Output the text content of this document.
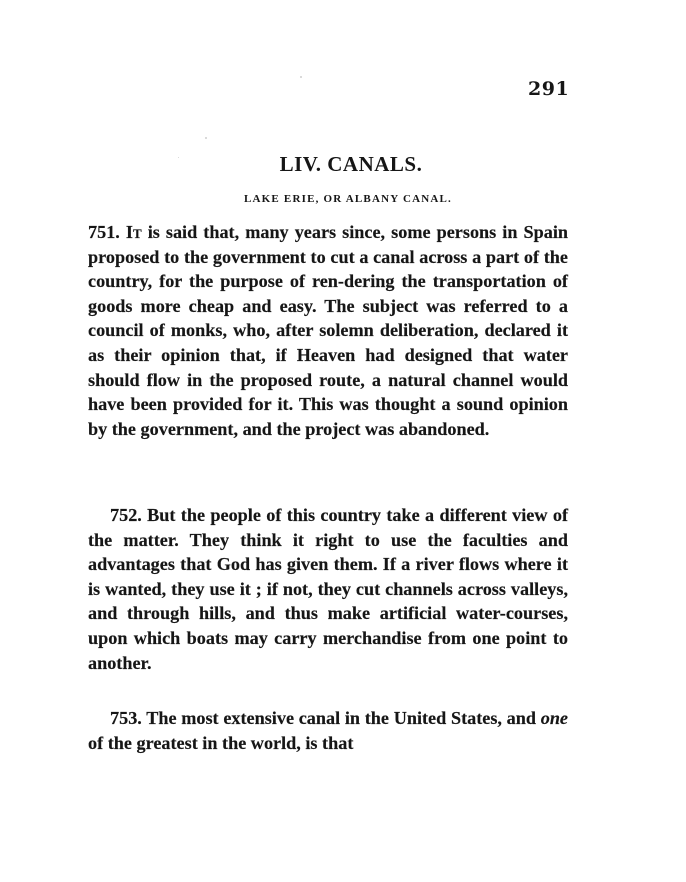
291
LIV. CANALS.
LAKE ERIE, OR ALBANY CANAL.
751. It is said that, many years since, some persons in Spain proposed to the government to cut a canal across a part of the country, for the purpose of ren-dering the transportation of goods more cheap and easy. The subject was referred to a council of monks, who, after solemn deliberation, declared it as their opinion that, if Heaven had designed that water should flow in the proposed route, a natural channel would have been provided for it. This was thought a sound opinion by the government, and the project was abandoned.
752. But the people of this country take a different view of the matter. They think it right to use the faculties and advantages that God has given them. If a river flows where it is wanted, they use it ; if not, they cut channels across valleys, and through hills, and thus make artificial water-courses, upon which boats may carry merchandise from one point to another.
753. The most extensive canal in the United States, and one of the greatest in the world, is that
